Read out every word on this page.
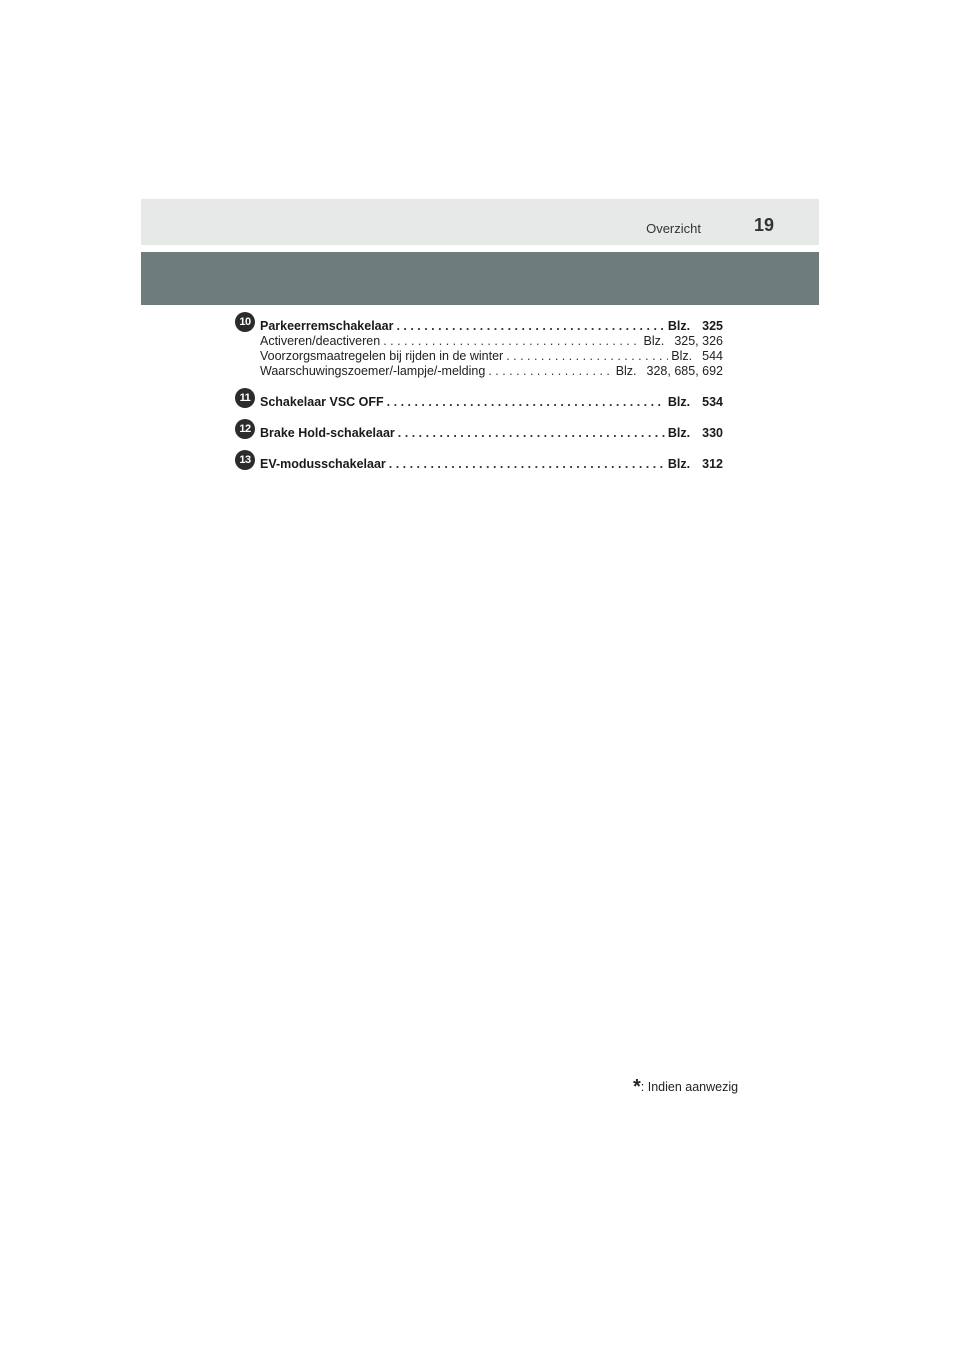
Overzicht	19
10 Parkeerremschakelaar . . .	Blz. 325
Activeren/deactiveren . . .	Blz. 325, 326
Voorzorgsmaatregelen bij rijden in de winter . . .	Blz. 544
Waarschuwingszoemer/-lampje/-melding . . .	Blz. 328, 685, 692
11 Schakelaar VSC OFF . . .	Blz. 534
12 Brake Hold-schakelaar . . .	Blz. 330
13 EV-modusschakelaar . . .	Blz. 312
*: Indien aanwezig
